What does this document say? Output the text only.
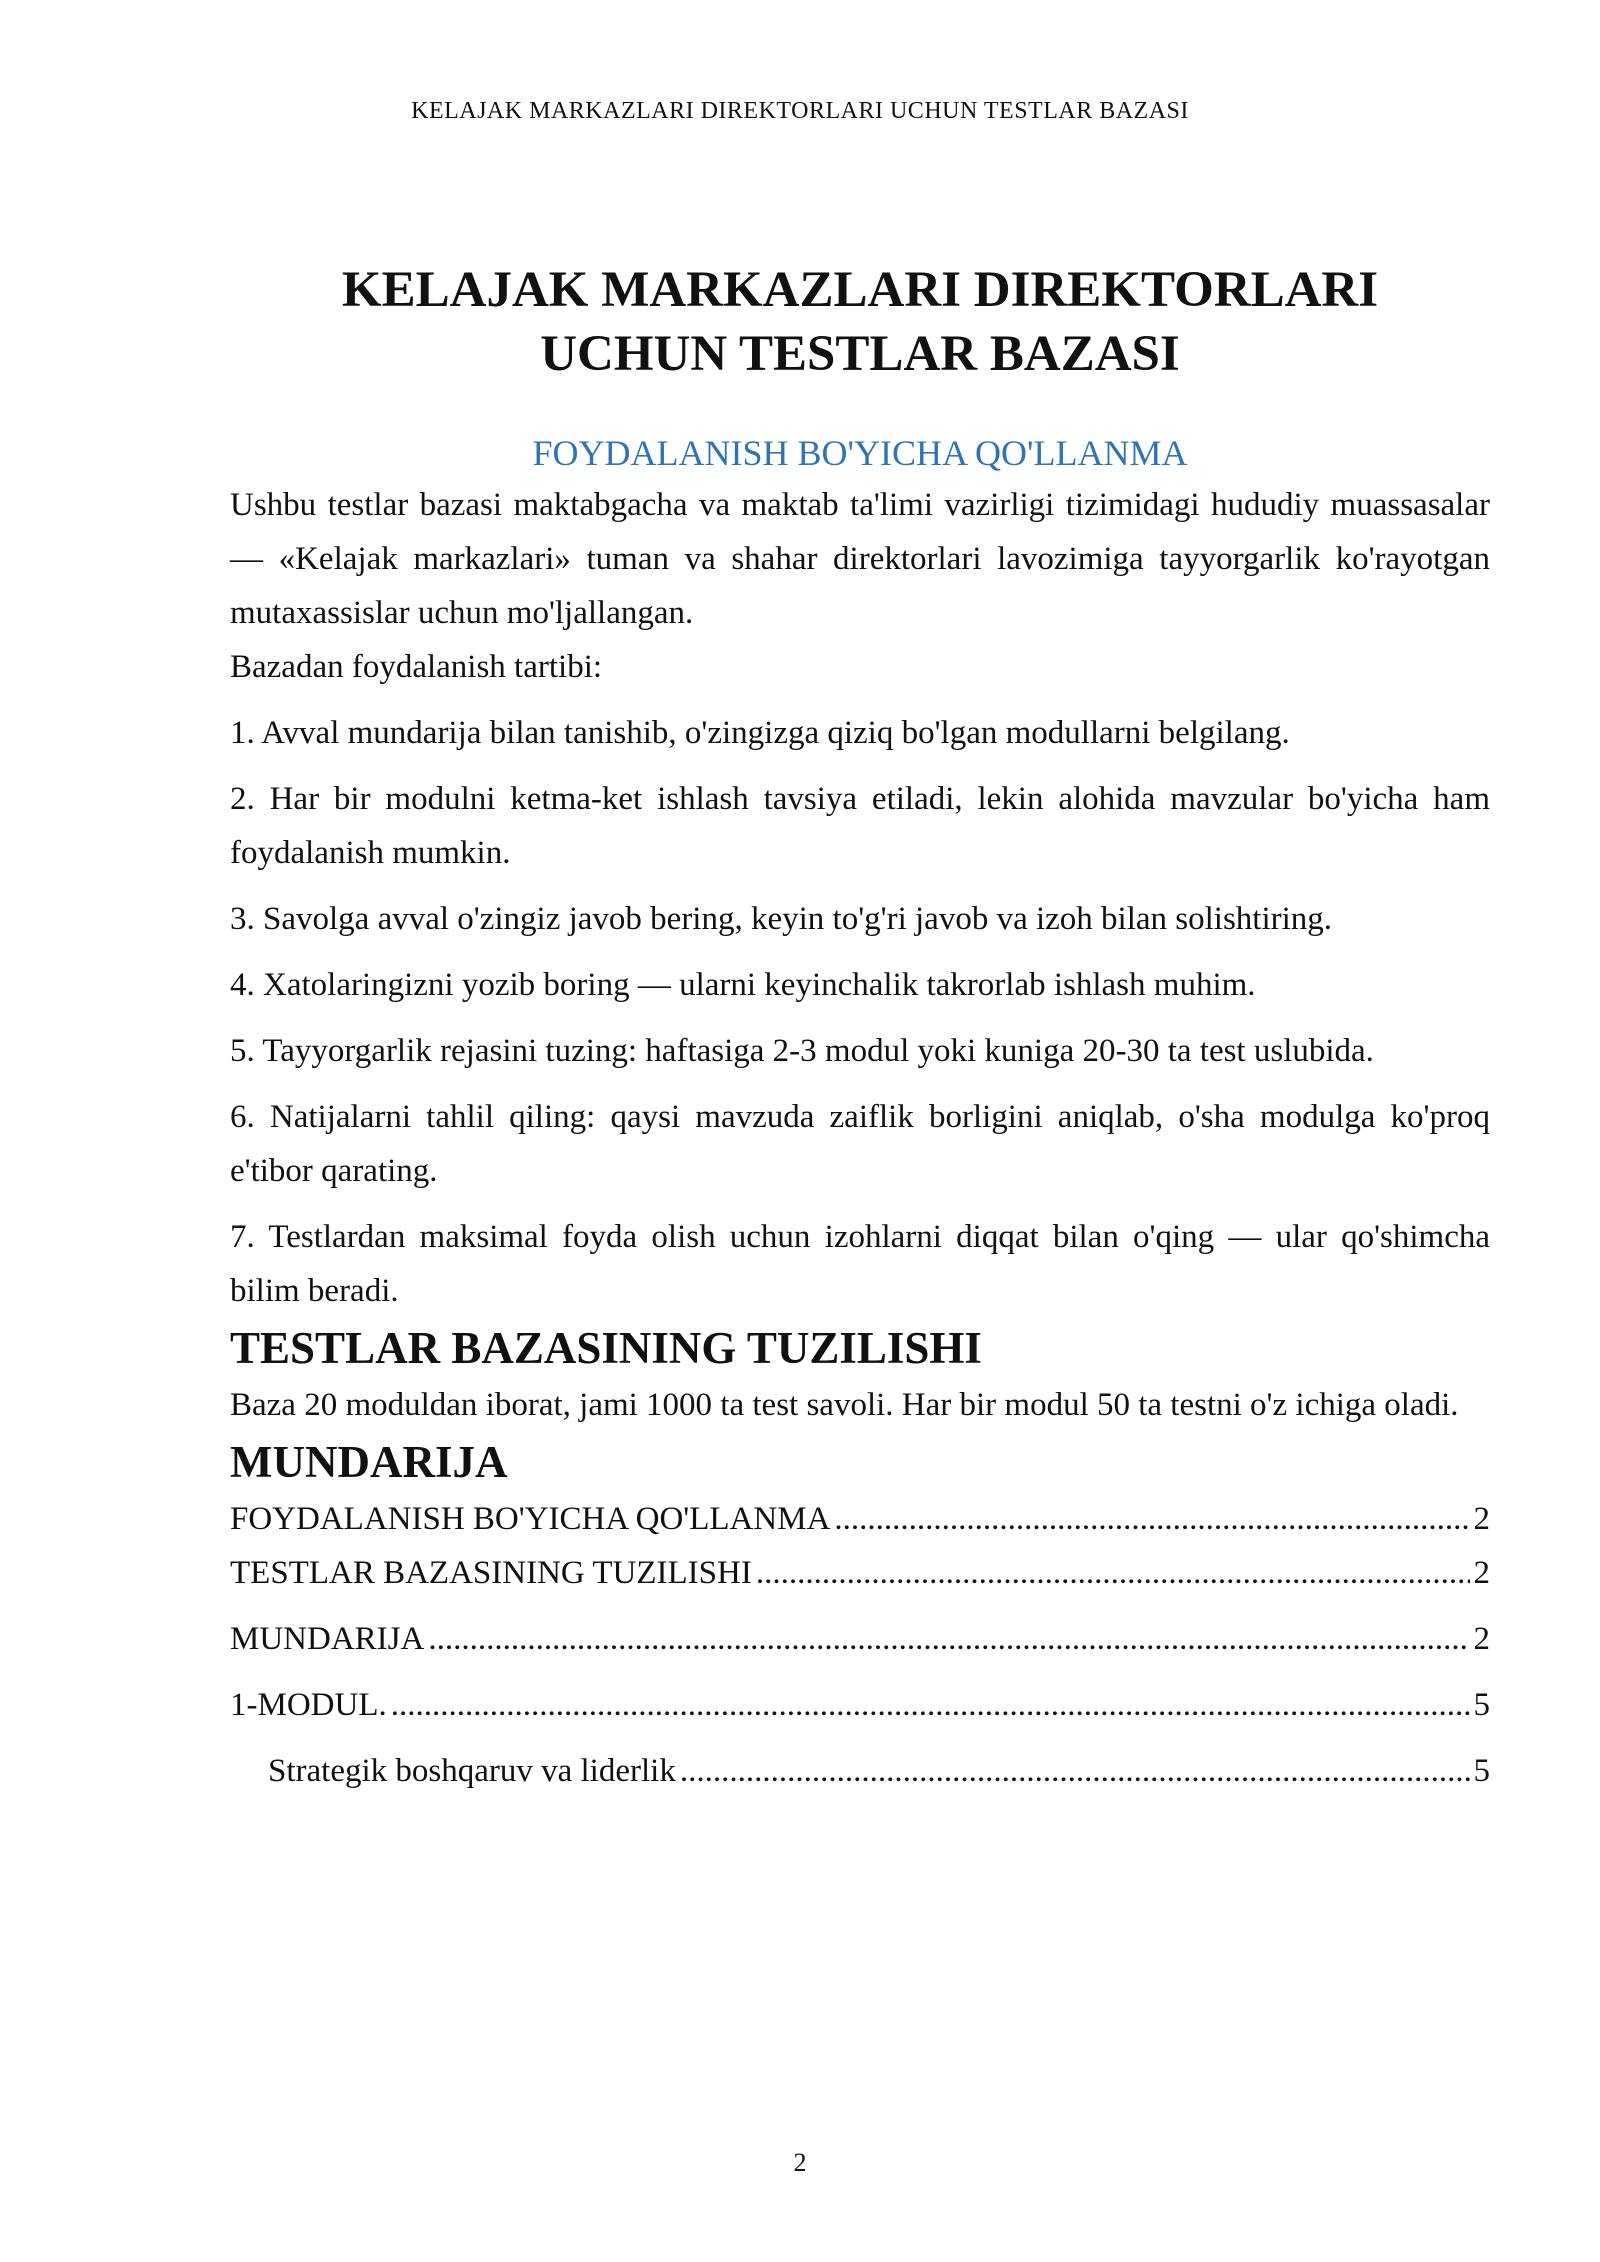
KELAJAK MARKAZLARI DIREKTORLARI UCHUN TESTLAR BAZASI
KELAJAK MARKAZLARI DIREKTORLARI
UCHUN TESTLAR BAZASI
FOYDALANISH BO'YICHA QO'LLANMA

Ushbu testlar bazasi maktabgacha va maktab ta'limi vazirligi tizimidagi hududiy muassasalar — «Kelajak markazlari» tuman va shahar direktorlari lavozimiga tayyorgarlik ko'rayotgan mutaxassislar uchun mo'ljallangan.

Bazadan foydalanish tartibi:

1. Avval mundarija bilan tanishib, o'zingizga qiziq bo'lgan modullarni belgilang.
2. Har bir modulni ketma-ket ishlash tavsiya etiladi, lekin alohida mavzular bo'yicha ham foydalanish mumkin.
3. Savolga avval o'zingiz javob bering, keyin to'g'ri javob va izoh bilan solishtiring.
4. Xatolaringizni yozib boring — ularni keyinchalik takrorlab ishlash muhim.
5. Tayyorgarlik rejasini tuzing: haftasiga 2-3 modul yoki kuniga 20-30 ta test uslubida.
6. Natijalarni tahlil qiling: qaysi mavzuda zaiflik borligini aniqlab, o'sha modulga ko'proq e'tibor qarating.
7. Testlardan maksimal foyda olish uchun izohlarni diqqat bilan o'qing — ular qo'shimcha bilim beradi.
TESTLAR BAZASINING TUZILISHI

Baza 20 moduldan iborat, jami 1000 ta test savoli. Har bir modul 50 ta testni o'z ichiga oladi.

MUNDARIJA
FOYDALANISH BO'YICHA QO'LLANMA .....	2
TESTLAR BAZASINING TUZILISHI .....	2
MUNDARIJA .....	2
1-MODUL. .....	5
Strategik boshqaruv va liderlik .....	5
2
